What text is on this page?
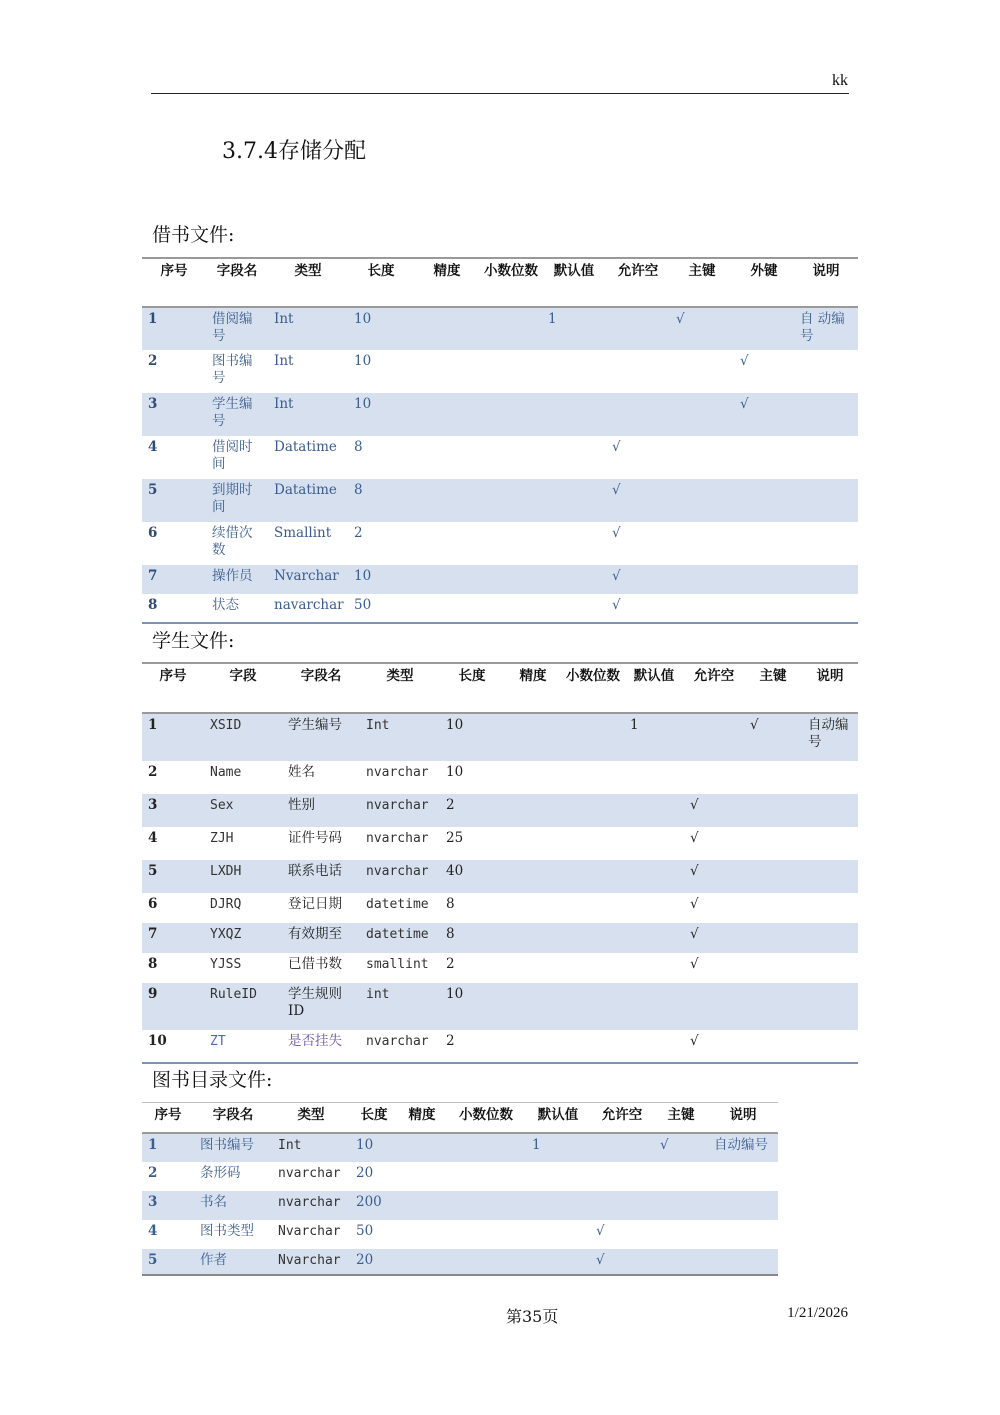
kk
3.7.4存储分配
借书文件:
序号	字段名	类型	长度	精度	小数位数	默认值	允许空	主键	外键	说明
1	借阅编号	Int	10			1		√		自 动编号
2	图书编号	Int	10						√	
3	学生编号	Int	10						√	
4	借阅时间	Datatime	8				√			
5	到期时间	Datatime	8				√			
6	续借次数	Smallint	2				√			
7	操作员	Nvarchar	10				√			
8	状态	navarchar	50				√			
学生文件:
序号	字段	字段名	类型	长度	精度	小数位数	默认值	允许空	主键	说明
1	XSID	学生编号	Int	10			1		√	自动编号
2	Name	姓名	nvarchar	10						
3	Sex	性别	nvarchar	2				√		
4	ZJH	证件号码	nvarchar	25				√		
5	LXDH	联系电话	nvarchar	40				√		
6	DJRQ	登记日期	datetime	8				√		
7	YXQZ	有效期至	datetime	8				√		
8	YJSS	已借书数	smallint	2				√		
9	RuleID	学生规则ID	int	10						
10	ZT	是否挂失	nvarchar	2				√		
图书目录文件:
序号	字段名	类型	长度	精度	小数位数	默认值	允许空	主键	说明
1	图书编号	Int	10			1		√	自动编号
2	条形码	nvarchar	20						
3	书名	nvarchar	200						
4	图书类型	Nvarchar	50				√		
5	作者	Nvarchar	20				√		
第35页	1/21/2026
